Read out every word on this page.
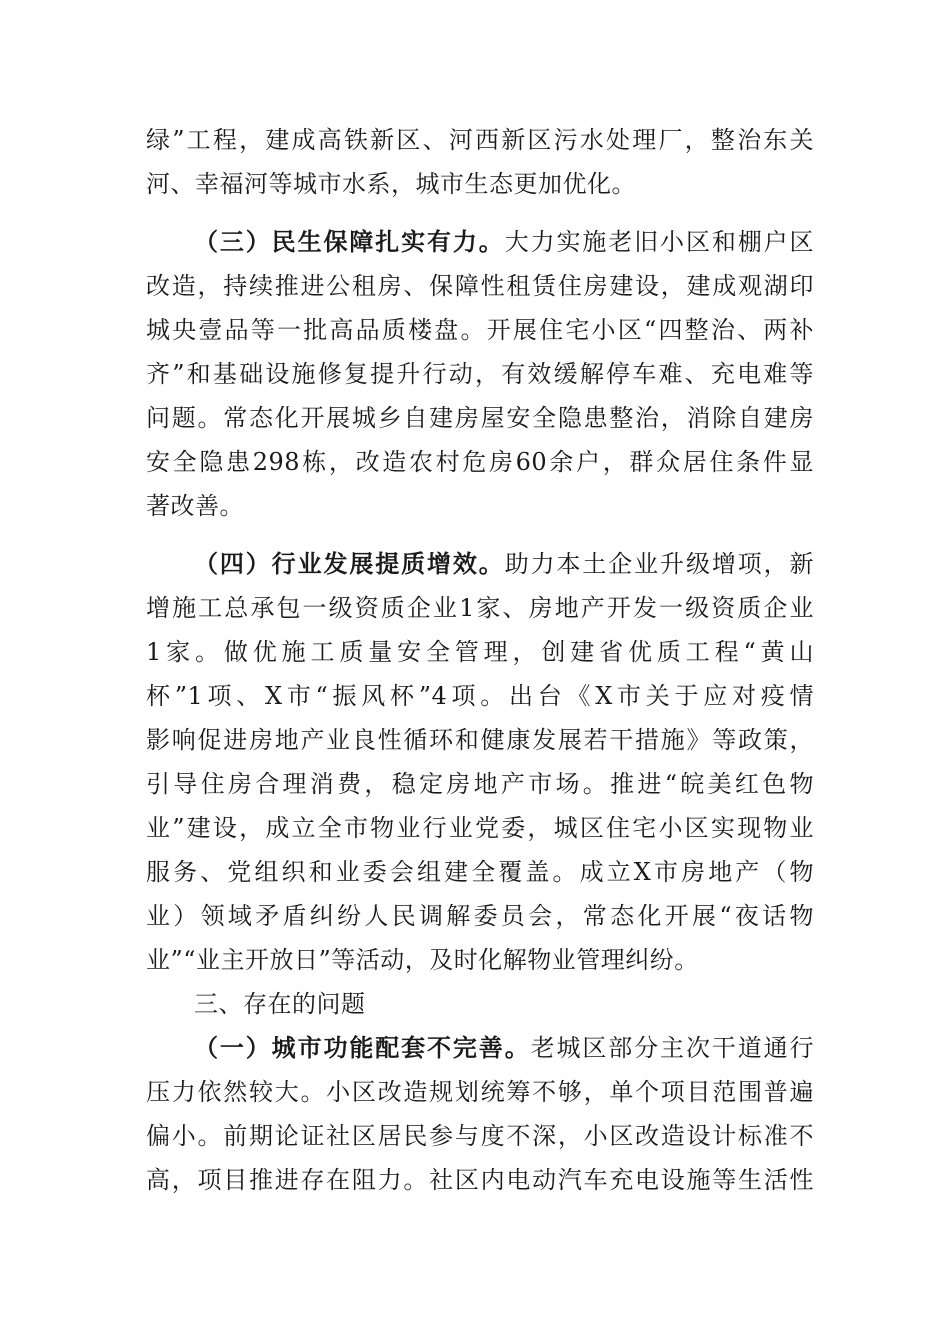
绿”工程，建成高铁新区、河西新区污水处理厂，整治东关
河、幸福河等城市水系，城市生态更加优化。
（三）民生保障扎实有力。大力实施老旧小区和棚户区
改造，持续推进公租房、保障性租赁住房建设，建成观湖印
城央壹品等一批高品质楼盘。开展住宅小区“四整治、两补
齐”和基础设施修复提升行动，有效缓解停车难、充电难等
问题。常态化开展城乡自建房屋安全隐患整治，消除自建房
安全隐患298栋，改造农村危房60余户，群众居住条件显
著改善。
（四）行业发展提质增效。助力本土企业升级增项，新
增施工总承包一级资质企业1家、房地产开发一级资质企业
1家。做优施工质量安全管理，创建省优质工程“黄山
杯”1项、X市“振风杯”4项。出台《X市关于应对疫情
影响促进房地产业良性循环和健康发展若干措施》等政策，
引导住房合理消费，稳定房地产市场。推进“皖美红色物
业”建设，成立全市物业行业党委，城区住宅小区实现物业
服务、党组织和业委会组建全覆盖。成立X市房地产（物
业）领域矛盾纠纷人民调解委员会，常态化开展“夜话物
业”“业主开放日”等活动，及时化解物业管理纠纷。
三、存在的问题
（一）城市功能配套不完善。老城区部分主次干道通行
压力依然较大。小区改造规划统筹不够，单个项目范围普遍
偏小。前期论证社区居民参与度不深，小区改造设计标准不
高，项目推进存在阻力。社区内电动汽车充电设施等生活性
